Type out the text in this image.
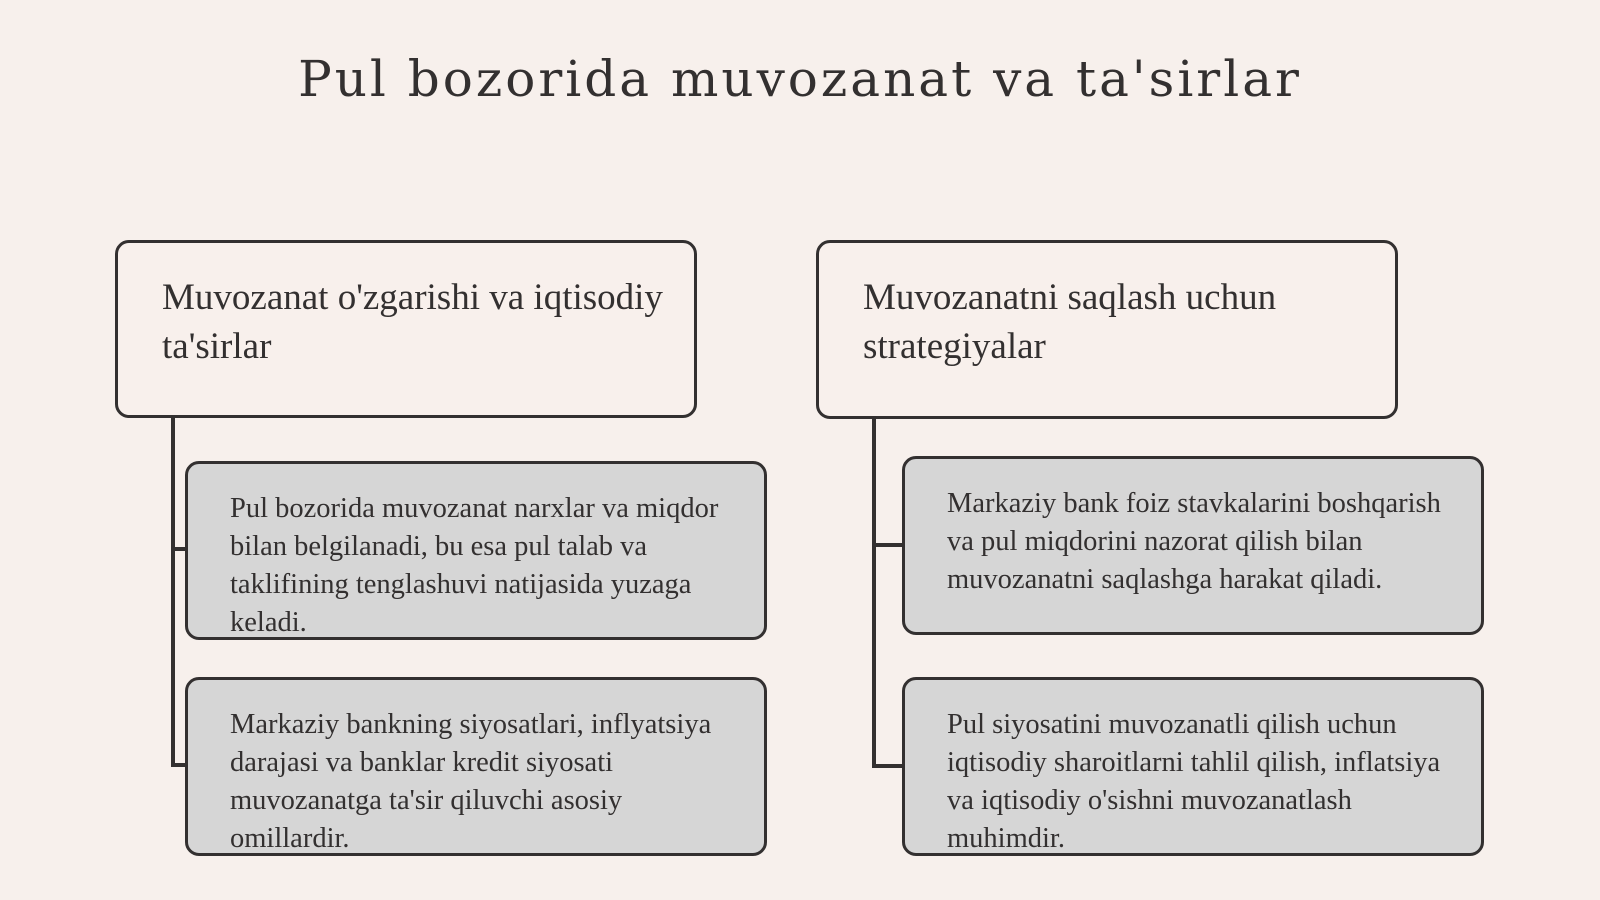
Pul bozorida muvozanat va ta'sirlar
Muvozanat o'zgarishi va iqtisodiy ta'sirlar
Pul bozorida muvozanat narxlar va miqdor bilan belgilanadi, bu esa pul talab va taklifining tenglashuvi natijasida yuzaga keladi.
Markaziy bankning siyosatlari, inflyatsiya darajasi va banklar kredit siyosati muvozanatga ta'sir qiluvchi asosiy omillardir.
Muvozanatni saqlash uchun strategiyalar
Markaziy bank foiz stavkalarini boshqarish va pul miqdorini nazorat qilish bilan muvozanatni saqlashga harakat qiladi.
Pul siyosatini muvozanatli qilish uchun iqtisodiy sharoitlarni tahlil qilish, inflatsiya va iqtisodiy o'sishni muvozanatlash muhimdir.
